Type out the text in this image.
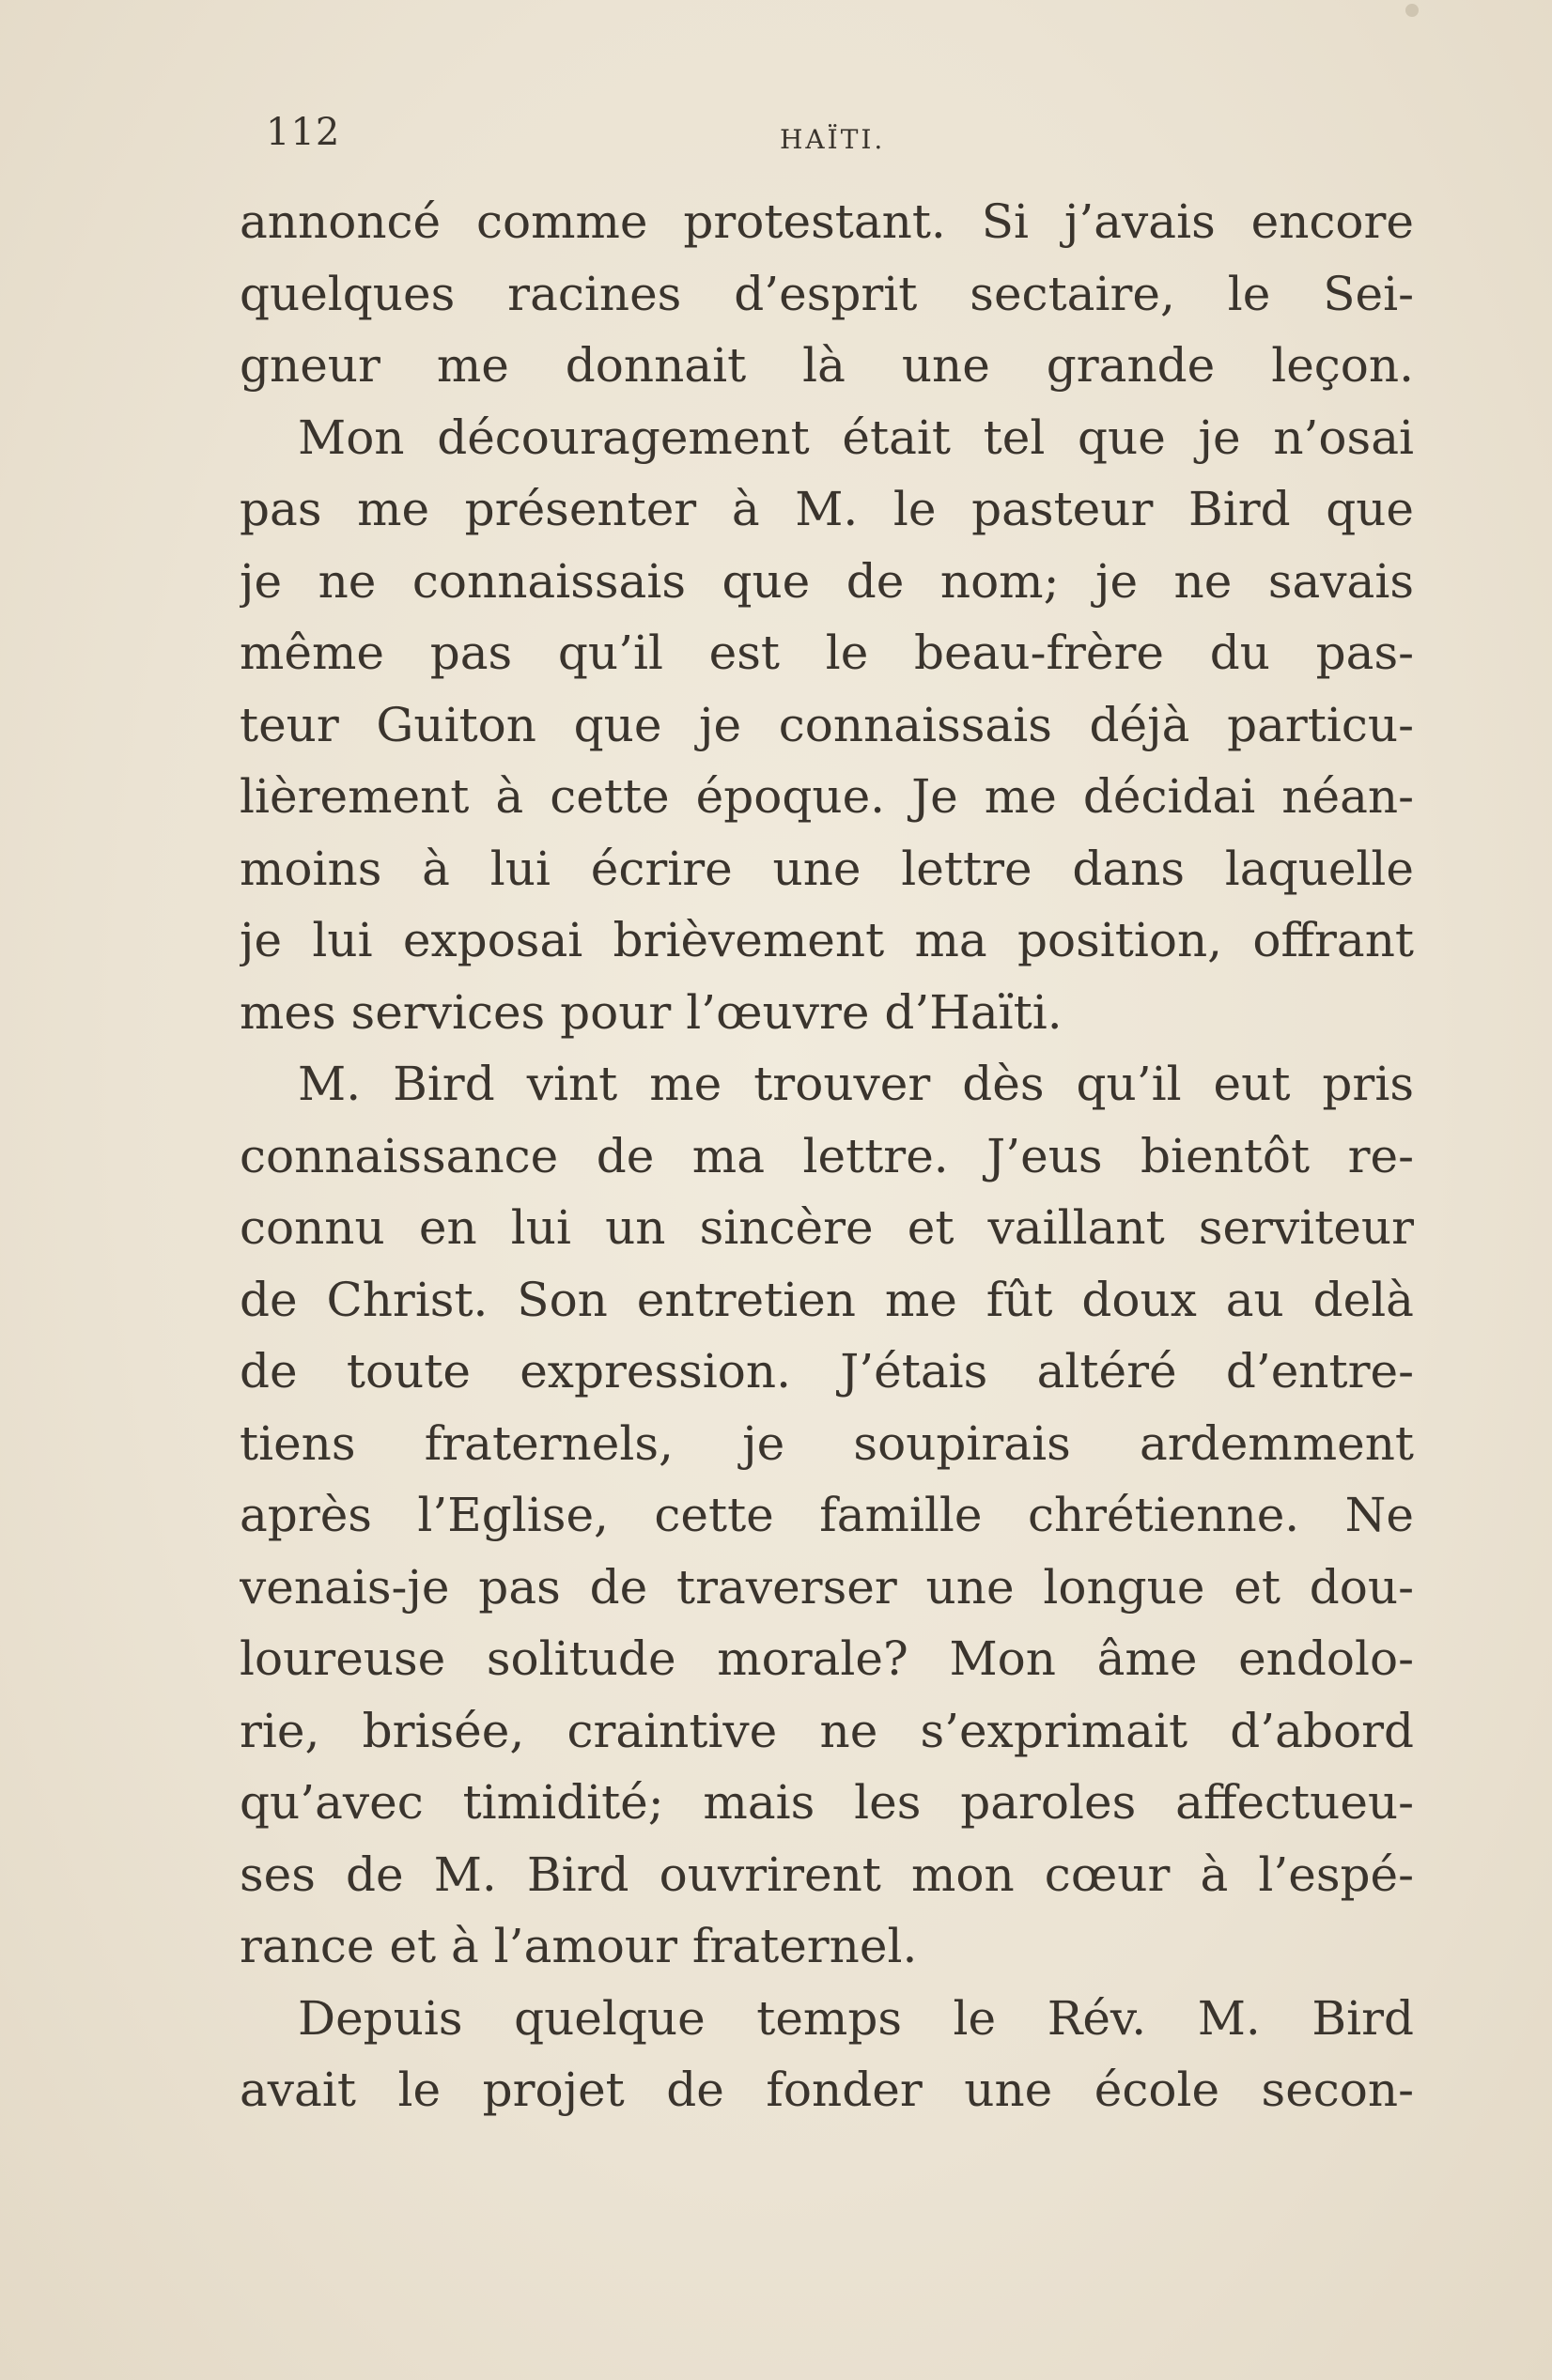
112	HAÏTI.
annoncé comme protestant. Si j’avais encore
quelques racines d’esprit sectaire, le Sei-
gneur me donnait là une grande leçon.
Mon découragement était tel que je n’osai
pas me présenter à M. le pasteur Bird que
je ne connaissais que de nom; je ne savais
même pas qu’il est le beau-frère du pas-
teur Guiton que je connaissais déjà particu-
lièrement à cette époque. Je me décidai néan-
moins à lui écrire une lettre dans laquelle
je lui exposai brièvement ma position, offrant
mes services pour l’œuvre d’Haïti.
M. Bird vint me trouver dès qu’il eut pris
connaissance de ma lettre. J’eus bientôt re-
connu en lui un sincère et vaillant serviteur
de Christ. Son entretien me fût doux au delà
de toute expression. J’étais altéré d’entre-
tiens fraternels, je soupirais ardemment
après l’Eglise, cette famille chrétienne. Ne
venais-je pas de traverser une longue et dou-
loureuse solitude morale? Mon âme endolo-
rie, brisée, craintive ne s’exprimait d’abord
qu’avec timidité; mais les paroles affectueu-
ses de M. Bird ouvrirent mon cœur à l’espé-
rance et à l’amour fraternel.
Depuis quelque temps le Rév. M. Bird
avait le projet de fonder une école secon-
